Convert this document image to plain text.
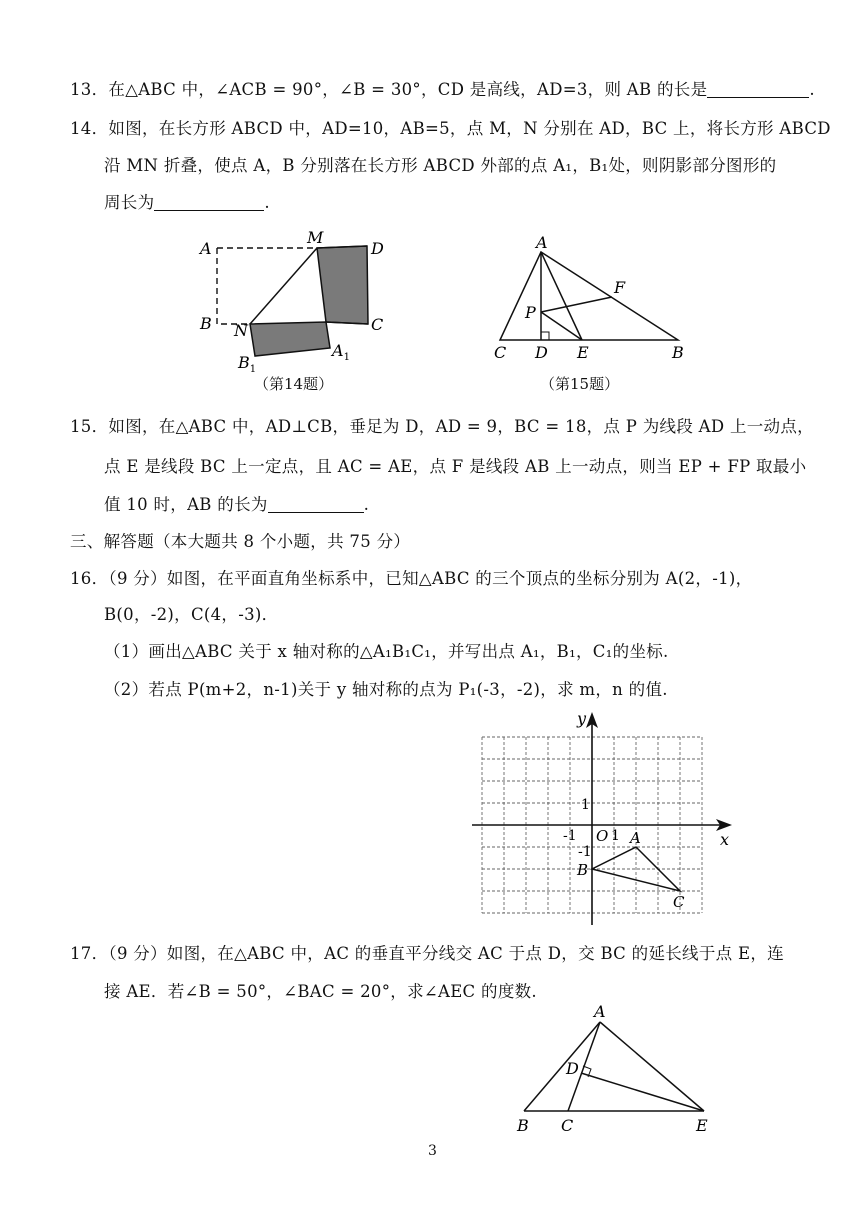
13．在△ABC 中，∠ACB = 90°，∠B = 30°，CD 是高线，AD=3，则 AB 的长是	.
14．如图，在长方形 ABCD 中，AD=10，AB=5，点 M，N 分别在 AD，BC 上，将长方形 ABCD
沿 MN 折叠，使点 A，B 分别落在长方形 ABCD 外部的点 A₁，B₁处，则阴影部分图形的
周长为	.
A
M
D
B N	C
$B_1$
$A_1$
（第14题）
A
F
P
C D E	B
（第15题）
15．如图，在△ABC 中，AD⊥CB，垂足为 D，AD = 9，BC = 18，点 P 为线段 AD 上一动点，
点 E 是线段 BC 上一定点，且 AC = AE，点 F 是线段 AB 上一动点，则当 EP + FP 取最小
值 10 时，AB 的长为	.
三、解答题（本大题共 8 个小题，共 75 分）
16．（9 分）如图，在平面直角坐标系中，已知△ABC 的三个顶点的坐标分别为 A(2，-1)，
B(0，-2)，C(4，-3)．
（1）画出△ABC 关于 x 轴对称的△A₁B₁C₁，并写出点 A₁，B₁，C₁的坐标.
（2）若点 P(m+2，n-1)关于 y 轴对称的点为 P₁(-3，-2)，求 m，n 的值.
y
x
1
-1 O 1
-1
A
B
C
17．（9 分）如图，在△ABC 中，AC 的垂直平分线交 AC 于点 D，交 BC 的延长线于点 E，连
接 AE．若∠B = 50°，∠BAC = 20°，求∠AEC 的度数.
A
D
B C	E
3
